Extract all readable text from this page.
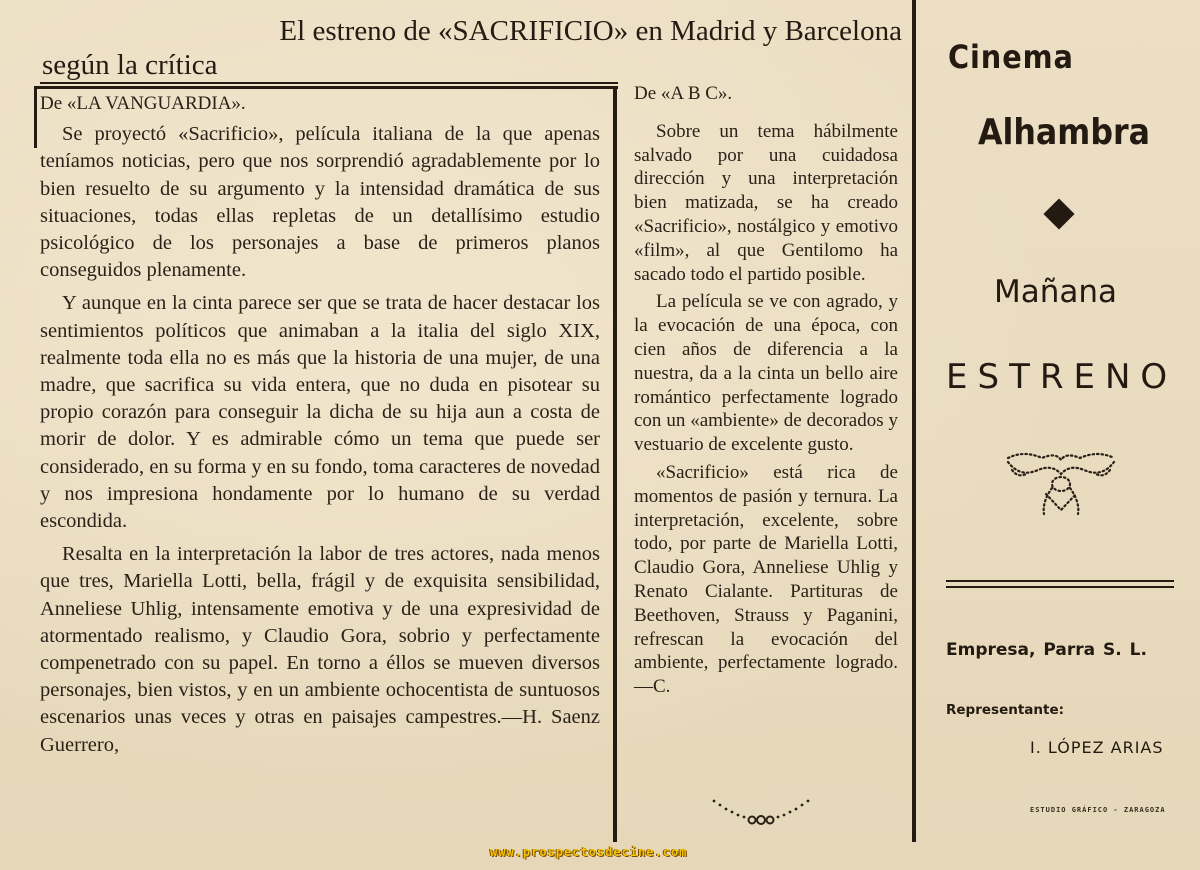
El estreno de «SACRIFICIO» en Madrid y Barcelona
según la crítica

De «LA VANGUARDIA».

Se proyectó «Sacrificio», película italiana de la que apenas teníamos noticias, pero que nos sorprendió agradablemente por lo bien resuelto de su argumento y la intensidad dramática de sus situaciones, todas ellas repletas de un detallísimo estudio psicológico de los personajes a base de primeros planos conseguidos plenamente.

Y aunque en la cinta parece ser que se trata de hacer destacar los sentimientos políticos que animaban a la italia del siglo XIX, realmente toda ella no es más que la historia de una mujer, de una madre, que sacrifica su vida entera, que no duda en pisotear su propio corazón para conseguir la dicha de su hija aun a costa de morir de dolor. Y es admirable cómo un tema que puede ser considerado, en su forma y en su fondo, toma caracteres de novedad y nos impresiona hondamente por lo humano de su verdad escondida.

Resalta en la interpretación la labor de tres actores, nada menos que tres, Mariella Lotti, bella, frágil y de exquisita sensibilidad, Anneliese Uhlig, intensamente emotiva y de una expresividad de atormentado realismo, y Claudio Gora, sobrio y perfectamente compenetrado con su papel. En torno a éllos se mueven diversos personajes, bien vistos, y en un ambiente ochocentista de suntuosos escenarios unas veces y otras en paisajes campestres.—H. Saenz Guerrero,

De «A B C».

Sobre un tema hábilmente salvado por una cuidadosa dirección y una interpretación bien matizada, se ha creado «Sacrificio», nostálgico y emotivo «film», al que Gentilomo ha sacado todo el partido posible.

La película se ve con agrado, y la evocación de una época, con cien años de diferencia a la nuestra, da a la cinta un bello aire romántico perfectamente logrado con un «ambiente» de decorados y vestuario de excelente gusto.

«Sacrificio» está rica de momentos de pasión y ternura. La interpretación, excelente, sobre todo, por parte de Mariella Lotti, Claudio Gora, Anneliese Uhlig y Renato Cialante. Partituras de Beethoven, Strauss y Paganini, refrescan la evocación del ambiente, perfectamente logrado.—C.

Cinema
Alhambra
Mañana
ESTRENO
Empresa, Parra S. L.
Representante:
I. LÓPEZ ARIAS
ESTUDIO GRÁFICO - ZARAGOZA
www.prospectosdecine.com
